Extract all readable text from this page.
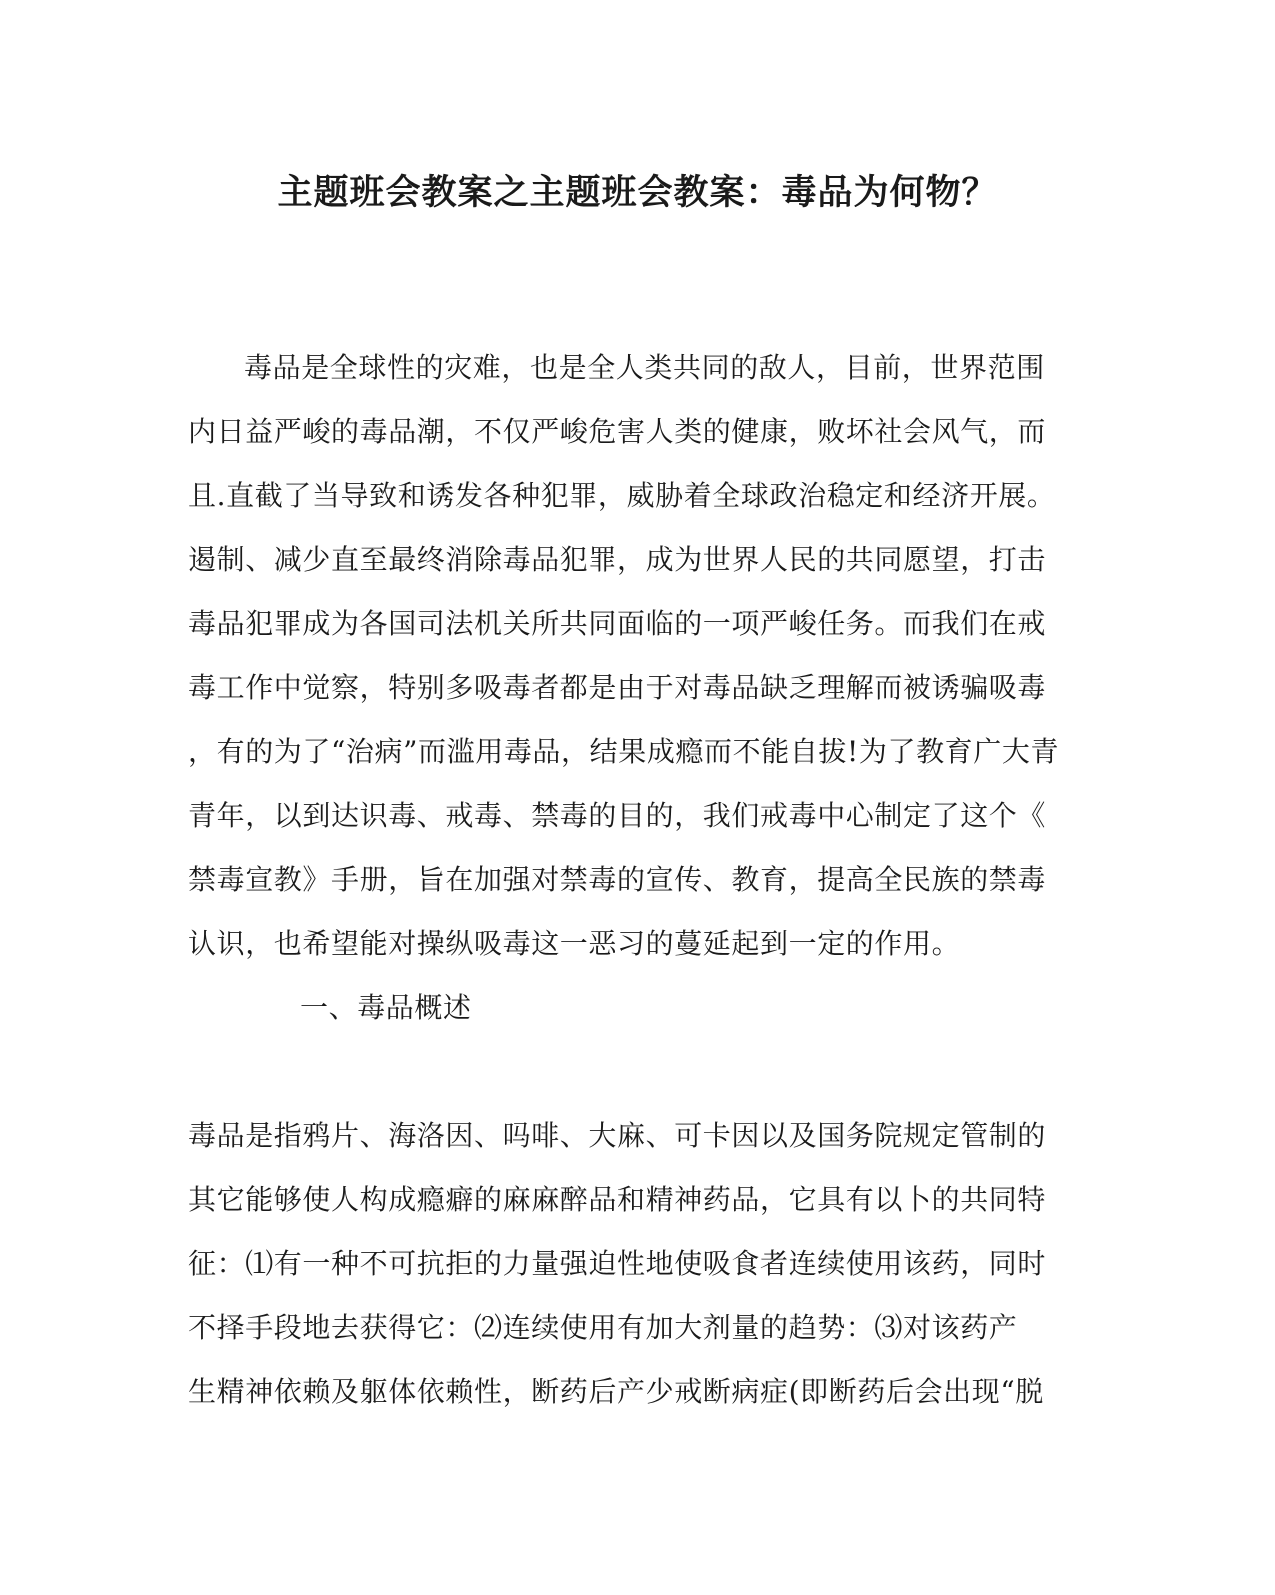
主题班会教案之主题班会教案：毒品为何物？
毒品是全球性的灾难，也是全人类共同的敌人，目前，世界范围
内日益严峻的毒品潮，不仅严峻危害人类的健康，败坏社会风气，而
且.直截了当导致和诱发各种犯罪，威胁着全球政治稳定和经济开展。
遏制、减少直至最终消除毒品犯罪，成为世界人民的共同愿望，打击
毒品犯罪成为各国司法机关所共同面临的一项严峻任务。而我们在戒
毒工作中觉察，特别多吸毒者都是由于对毒品缺乏理解而被诱骗吸毒
，有的为了“治病”而滥用毒品，结果成瘾而不能自拔!为了教育广大青
青年，以到达识毒、戒毒、禁毒的目的，我们戒毒中心制定了这个《
禁毒宣教》手册，旨在加强对禁毒的宣传、教育，提高全民族的禁毒
认识，也希望能对操纵吸毒这一恶习的蔓延起到一定的作用。
一、毒品概述
毒品是指鸦片、海洛因、吗啡、大麻、可卡因以及国务院规定管制的
其它能够使人构成瘾癖的麻麻醉品和精神药品，它具有以卜的共同特
征：⑴有一种不可抗拒的力量强迫性地使吸食者连续使用该药，同时
不择手段地去获得它：⑵连续使用有加大剂量的趋势：⑶对该药产
生精神依赖及躯体依赖性，断药后产少戒断病症(即断药后会出现“脱
